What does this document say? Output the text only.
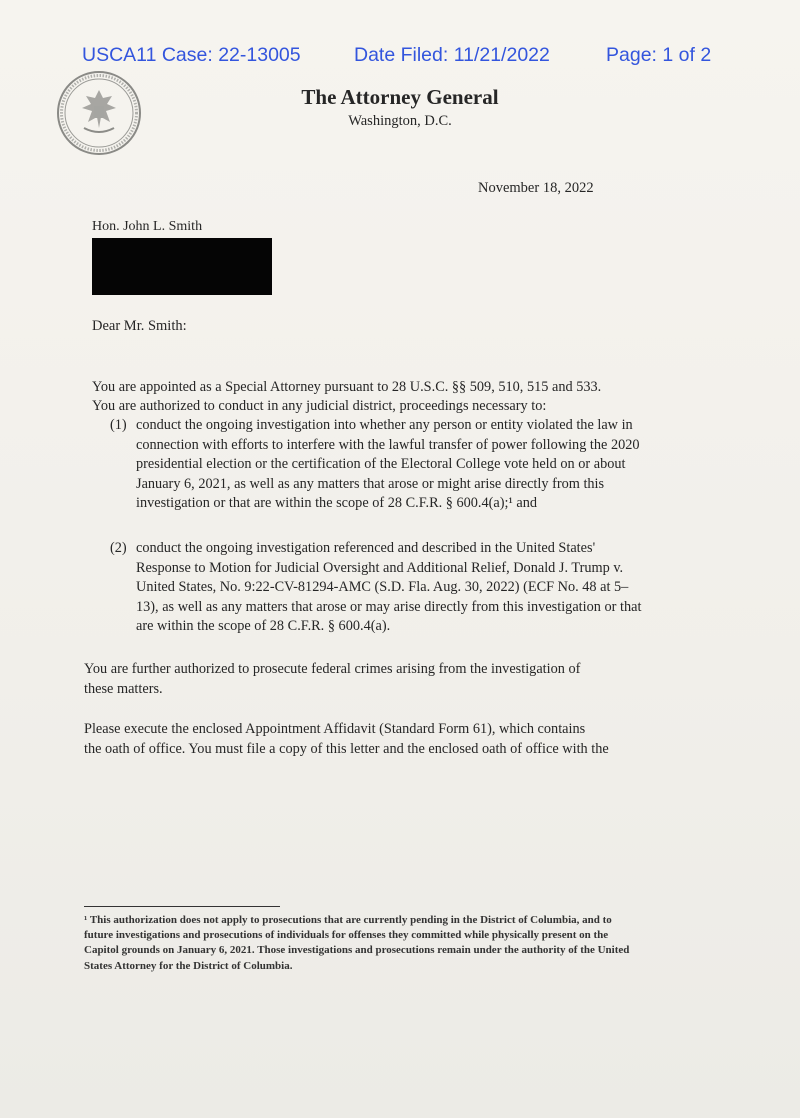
USCA11 Case: 22-13005	Date Filed: 11/21/2022	Page: 1 of 2
The Attorney General
Washington, D.C.
November 18, 2022
Hon. John L. Smith
Dear Mr. Smith:

You are appointed as a Special Attorney pursuant to 28 U.S.C. §§ 509, 510, 515 and 533.
You are authorized to conduct in any judicial district, proceedings necessary to:

(1) conduct the ongoing investigation into whether any person or entity violated the law in
connection with efforts to interfere with the lawful transfer of power following the 2020
presidential election or the certification of the Electoral College vote held on or about
January 6, 2021, as well as any matters that arose or might arise directly from this
investigation or that are within the scope of 28 C.F.R. § 600.4(a);¹ and
(2) conduct the ongoing investigation referenced and described in the United States'
Response to Motion for Judicial Oversight and Additional Relief, Donald J. Trump v.
United States, No. 9:22-CV-81294-AMC (S.D. Fla. Aug. 30, 2022) (ECF No. 48 at 5–
13), as well as any matters that arose or may arise directly from this investigation or that
are within the scope of 28 C.F.R. § 600.4(a).
You are further authorized to prosecute federal crimes arising from the investigation of
these matters.
Please execute the enclosed Appointment Affidavit (Standard Form 61), which contains
the oath of office. You must file a copy of this letter and the enclosed oath of office with the
¹ This authorization does not apply to prosecutions that are currently pending in the District of Columbia, and to
future investigations and prosecutions of individuals for offenses they committed while physically present on the
Capitol grounds on January 6, 2021. Those investigations and prosecutions remain under the authority of the United
States Attorney for the District of Columbia.
